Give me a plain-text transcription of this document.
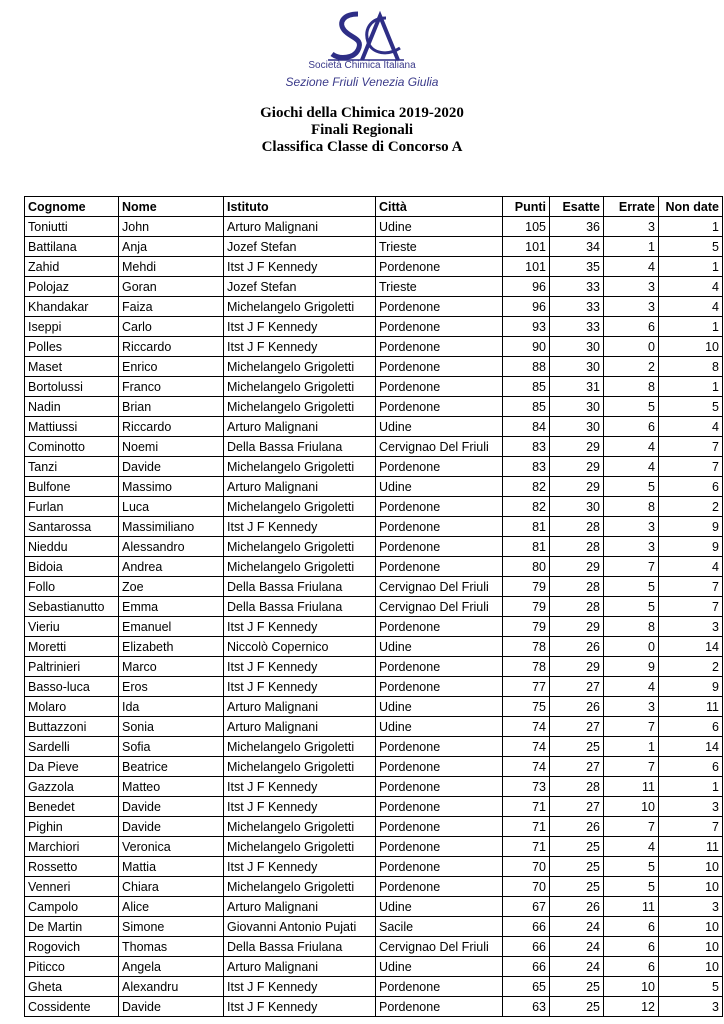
Società Chimica Italiana
Sezione Friuli Venezia Giulia
Giochi della Chimica 2019-2020
Finali Regionali
Classifica Classe di Concorso A
Cognome	Nome	Istituto	Città	Punti	Esatte	Errate	Non date
Toniutti	John	Arturo Malignani	Udine	105	36	3	1
Battilana	Anja	Jozef Stefan	Trieste	101	34	1	5
Zahid	Mehdi	Itst J F Kennedy	Pordenone	101	35	4	1
Polojaz	Goran	Jozef Stefan	Trieste	96	33	3	4
Khandakar	Faiza	Michelangelo Grigoletti	Pordenone	96	33	3	4
Iseppi	Carlo	Itst J F Kennedy	Pordenone	93	33	6	1
Polles	Riccardo	Itst J F Kennedy	Pordenone	90	30	0	10
Maset	Enrico	Michelangelo Grigoletti	Pordenone	88	30	2	8
Bortolussi	Franco	Michelangelo Grigoletti	Pordenone	85	31	8	1
Nadin	Brian	Michelangelo Grigoletti	Pordenone	85	30	5	5
Mattiussi	Riccardo	Arturo Malignani	Udine	84	30	6	4
Cominotto	Noemi	Della Bassa Friulana	Cervignao Del Friuli	83	29	4	7
Tanzi	Davide	Michelangelo Grigoletti	Pordenone	83	29	4	7
Bulfone	Massimo	Arturo Malignani	Udine	82	29	5	6
Furlan	Luca	Michelangelo Grigoletti	Pordenone	82	30	8	2
Santarossa	Massimiliano	Itst J F Kennedy	Pordenone	81	28	3	9
Nieddu	Alessandro	Michelangelo Grigoletti	Pordenone	81	28	3	9
Bidoia	Andrea	Michelangelo Grigoletti	Pordenone	80	29	7	4
Follo	Zoe	Della Bassa Friulana	Cervignao Del Friuli	79	28	5	7
Sebastianutto	Emma	Della Bassa Friulana	Cervignao Del Friuli	79	28	5	7
Vieriu	Emanuel	Itst J F Kennedy	Pordenone	79	29	8	3
Moretti	Elizabeth	Niccolò Copernico	Udine	78	26	0	14
Paltrinieri	Marco	Itst J F Kennedy	Pordenone	78	29	9	2
Basso-luca	Eros	Itst J F Kennedy	Pordenone	77	27	4	9
Molaro	Ida	Arturo Malignani	Udine	75	26	3	11
Buttazzoni	Sonia	Arturo Malignani	Udine	74	27	7	6
Sardelli	Sofia	Michelangelo Grigoletti	Pordenone	74	25	1	14
Da Pieve	Beatrice	Michelangelo Grigoletti	Pordenone	74	27	7	6
Gazzola	Matteo	Itst J F Kennedy	Pordenone	73	28	11	1
Benedet	Davide	Itst J F Kennedy	Pordenone	71	27	10	3
Pighin	Davide	Michelangelo Grigoletti	Pordenone	71	26	7	7
Marchiori	Veronica	Michelangelo Grigoletti	Pordenone	71	25	4	11
Rossetto	Mattia	Itst J F Kennedy	Pordenone	70	25	5	10
Venneri	Chiara	Michelangelo Grigoletti	Pordenone	70	25	5	10
Campolo	Alice	Arturo Malignani	Udine	67	26	11	3
De Martin	Simone	Giovanni Antonio Pujati	Sacile	66	24	6	10
Rogovich	Thomas	Della Bassa Friulana	Cervignao Del Friuli	66	24	6	10
Piticco	Angela	Arturo Malignani	Udine	66	24	6	10
Gheta	Alexandru	Itst J F Kennedy	Pordenone	65	25	10	5
Cossidente	Davide	Itst J F Kennedy	Pordenone	63	25	12	3
